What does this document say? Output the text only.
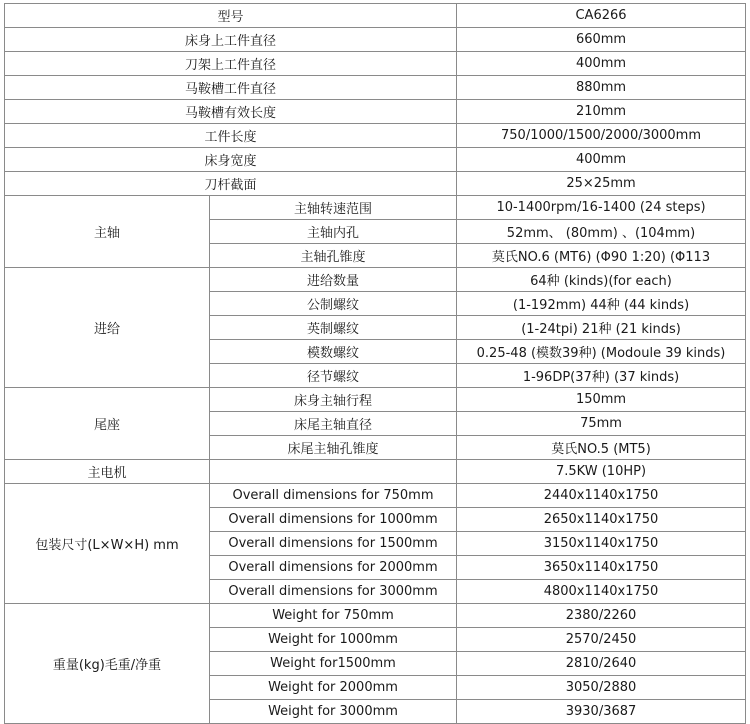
型号		CA6266
床身上工件直径		660mm
刀架上工件直径		400mm
马鞍槽工件直径		880mm
马鞍槽有效长度		210mm
工件长度		750/1000/1500/2000/3000mm
床身宽度		400mm
刀杆截面		25×25mm
主轴	主轴转速范围	10-1400rpm/16-1400 (24 steps)
	主轴内孔	52mm、 (80mm) 、(104mm)
	主轴孔锥度	莫氏NO.6 (MT6) (Φ90 1:20) (Φ113
进给	进给数量	64种 (kinds)(for each)
	公制螺纹	(1-192mm) 44种 (44 kinds)
	英制螺纹	(1-24tpi) 21种 (21 kinds)
	模数螺纹	0.25-48 (模数39种) (Modoule 39 kinds)
	径节螺纹	1-96DP(37种) (37 kinds)
尾座	床身主轴行程	150mm
	床尾主轴直径	75mm
	床尾主轴孔锥度	莫氏NO.5 (MT5)
主电机		7.5KW (10HP)
包装尺寸(L×W×H) mm	Overall dimensions for 750mm	2440x1140x1750
	Overall dimensions for 1000mm	2650x1140x1750
	Overall dimensions for 1500mm	3150x1140x1750
	Overall dimensions for 2000mm	3650x1140x1750
	Overall dimensions for 3000mm	4800x1140x1750
重量(kg)毛重/净重	Weight for 750mm	2380/2260
	Weight for 1000mm	2570/2450
	Weight for1500mm	2810/2640
	Weight for 2000mm	3050/2880
	Weight for 3000mm	3930/3687
